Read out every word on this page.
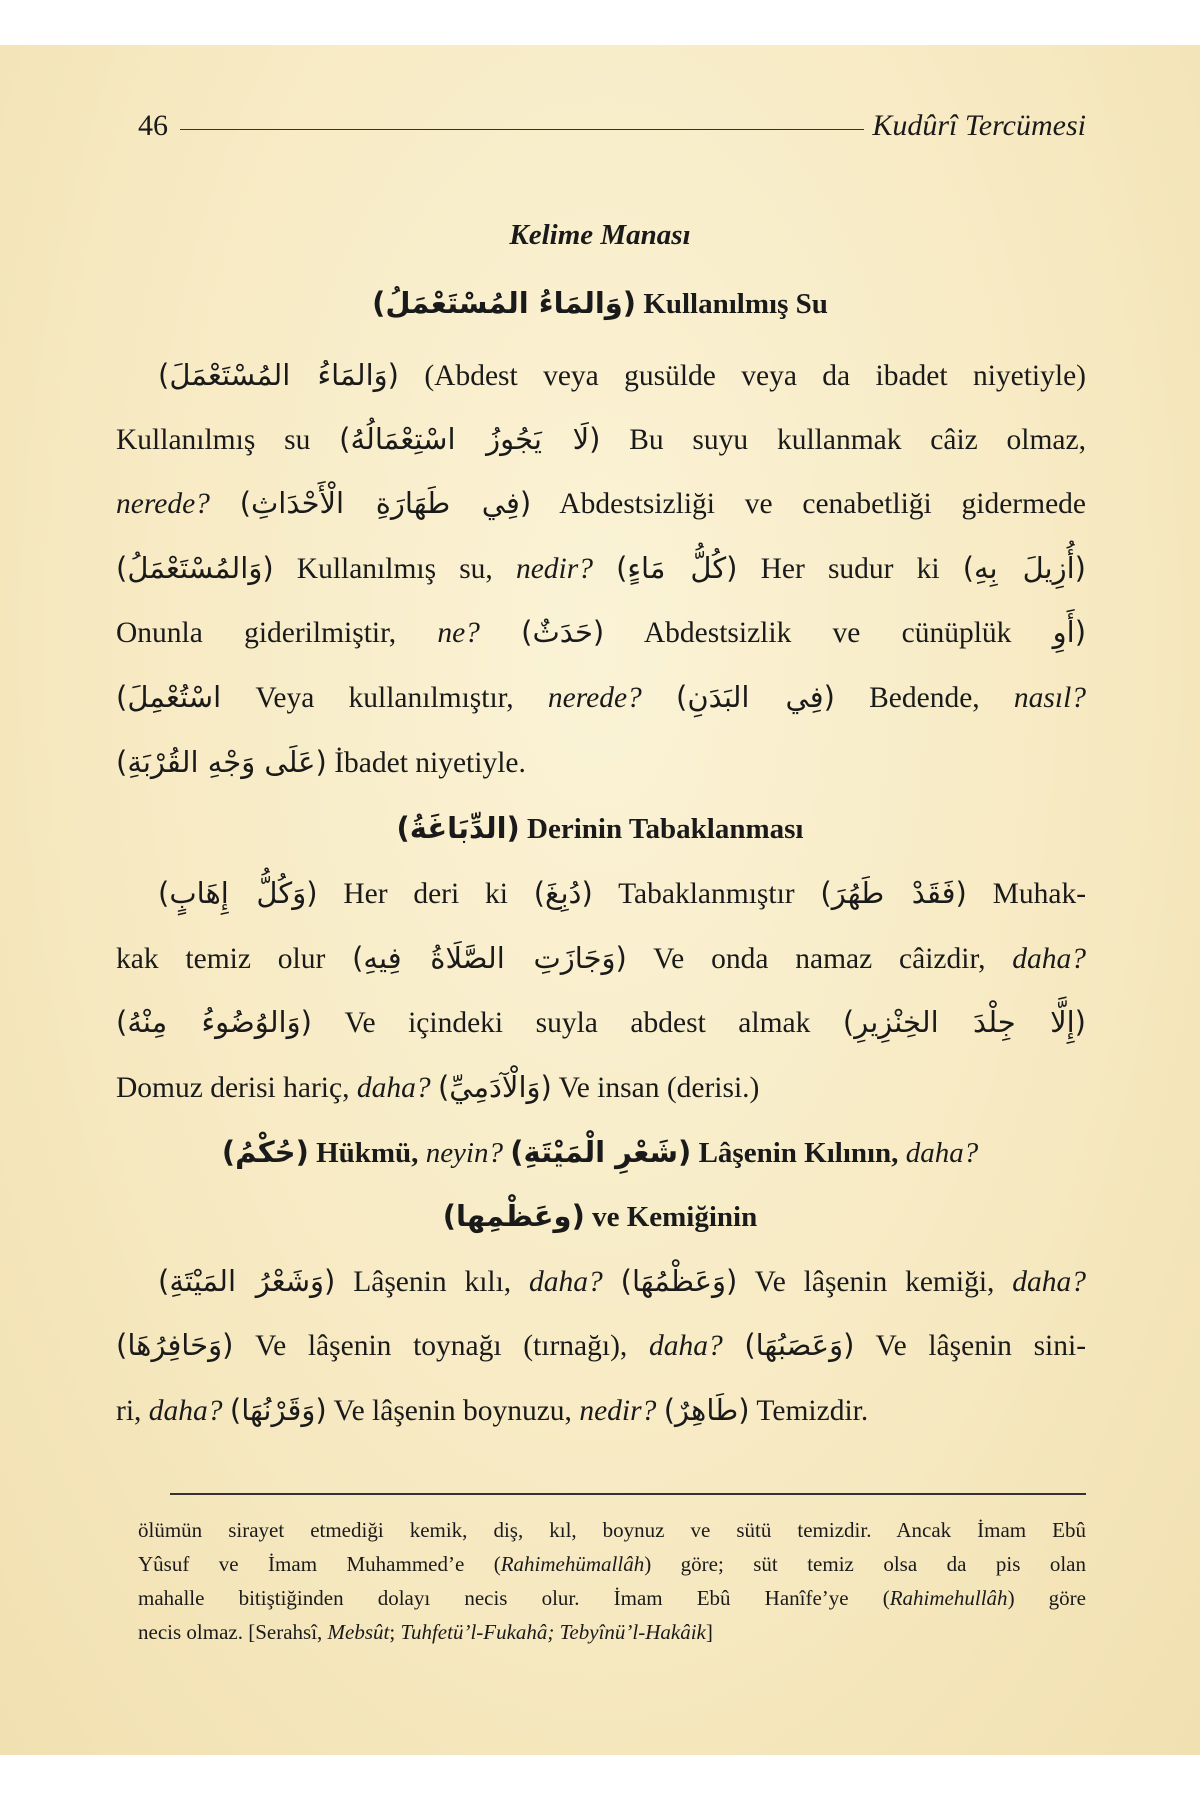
46	Kudûrî Tercümesi
Kelime Manası
(وَالمَاءُ المُسْتَعْمَلُ) Kullanılmış Su
(وَالمَاءُ المُسْتَعْمَلَ) (Abdest veya gusülde veya da ibadet niyetiyle)
Kullanılmış su (لَا يَجُوزُ اسْتِعْمَالُهُ) Bu suyu kullanmak câiz olmaz,
nerede? (فِي طَهَارَةِ الْأَحْدَاثِ) Abdestsizliği ve cenabetliği gidermede
(وَالمُسْتَعْمَلُ) Kullanılmış su, nedir? (كُلُّ مَاءٍ) Her sudur ki (أُزِيلَ بِهِ)
Onunla giderilmiştir, ne? (حَدَثٌ) Abdestsizlik ve cünüplük (أَوِ
اسْتُعْمِلَ) Veya kullanılmıştır, nerede? (فِي البَدَنِ) Bedende, nasıl?
(عَلَى وَجْهِ القُرْبَةِ) İbadet niyetiyle.
(الدِّبَاغَةُ) Derinin Tabaklanması
(وَكُلُّ إِهَابٍ) Her deri ki (دُبِغَ) Tabaklanmıştır (فَقَدْ طَهُرَ) Muhak-
kak temiz olur (وَجَازَتِ الصَّلَاةُ فِيهِ) Ve onda namaz câizdir, daha?
(وَالوُضُوءُ مِنْهُ) Ve içindeki suyla abdest almak (إِلَّا جِلْدَ الخِنْزِيرِ)
Domuz derisi hariç, daha? (وَالْآدَمِيِّ) Ve insan (derisi.)
(حُكْمُ) Hükmü, neyin? (شَعْرِ الْمَيْتَةِ) Lâşenin Kılının, daha?
(وعَظْمِها) ve Kemiğinin
(وَشَعْرُ المَيْتَةِ) Lâşenin kılı, daha? (وَعَظْمُهَا) Ve lâşenin kemiği, daha?
(وَحَافِرُهَا) Ve lâşenin toynağı (tırnağı), daha? (وَعَصَبُهَا) Ve lâşenin sini-
ri, daha? (وَقَرْنُهَا) Ve lâşenin boynuzu, nedir? (طَاهِرٌ) Temizdir.
ölümün sirayet etmediği kemik, diş, kıl, boynuz ve sütü temizdir. Ancak İmam Ebû
Yûsuf ve İmam Muhammed’e (Rahimehümallâh) göre; süt temiz olsa da pis olan
mahalle bitiştiğinden dolayı necis olur. İmam Ebû Hanîfe’ye (Rahimehullâh) göre
necis olmaz. [Serahsî, Mebsût; Tuhfetü’l-Fukahâ; Tebyînü’l-Hakâik]
